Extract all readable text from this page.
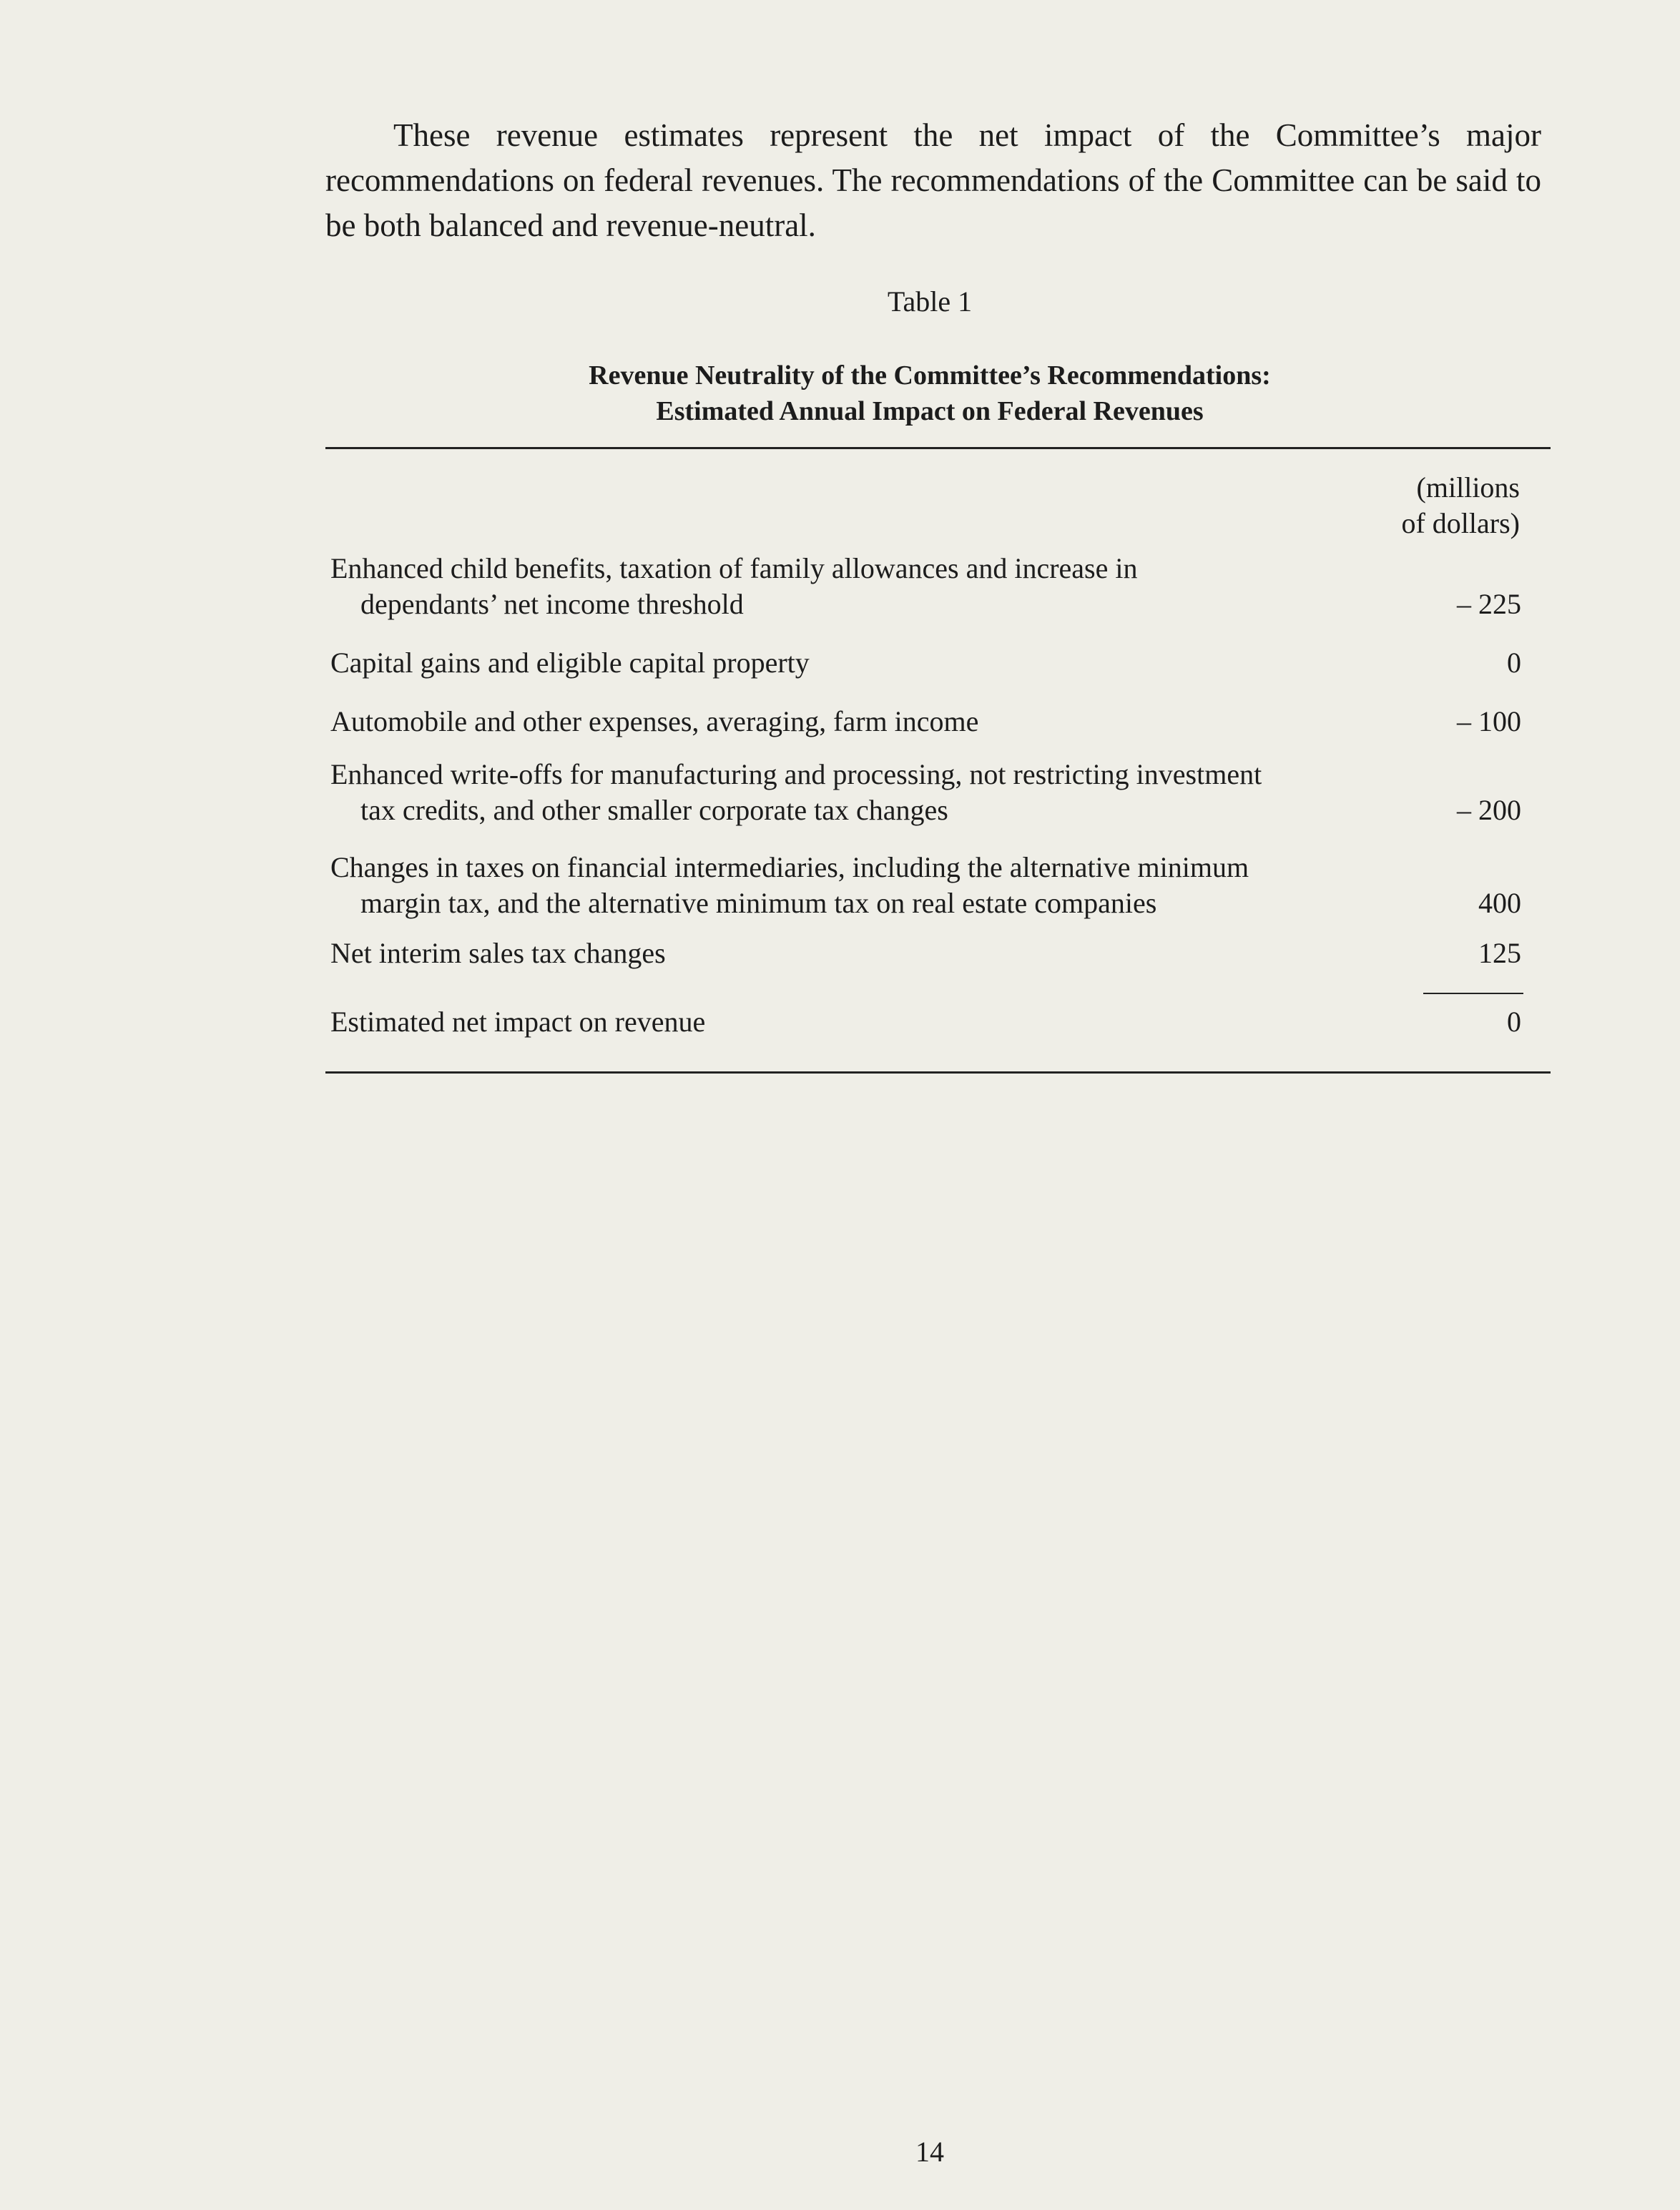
These revenue estimates represent the net impact of the Committee’s major recommendations on federal revenues. The recommendations of the Committee can be said to be both balanced and revenue-neutral.

Table 1
Revenue Neutrality of the Committee’s Recommendations:
Estimated Annual Impact on Federal Revenues
(millions
of dollars)
Enhanced child benefits, taxation of family allowances and increase in
dependants’ net income threshold	– 225
Capital gains and eligible capital property	0
Automobile and other expenses, averaging, farm income	– 100
Enhanced write-offs for manufacturing and processing, not restricting investment
tax credits, and other smaller corporate tax changes	– 200
Changes in taxes on financial intermediaries, including the alternative minimum
margin tax, and the alternative minimum tax on real estate companies	400
Net interim sales tax changes	125
Estimated net impact on revenue	0
14
